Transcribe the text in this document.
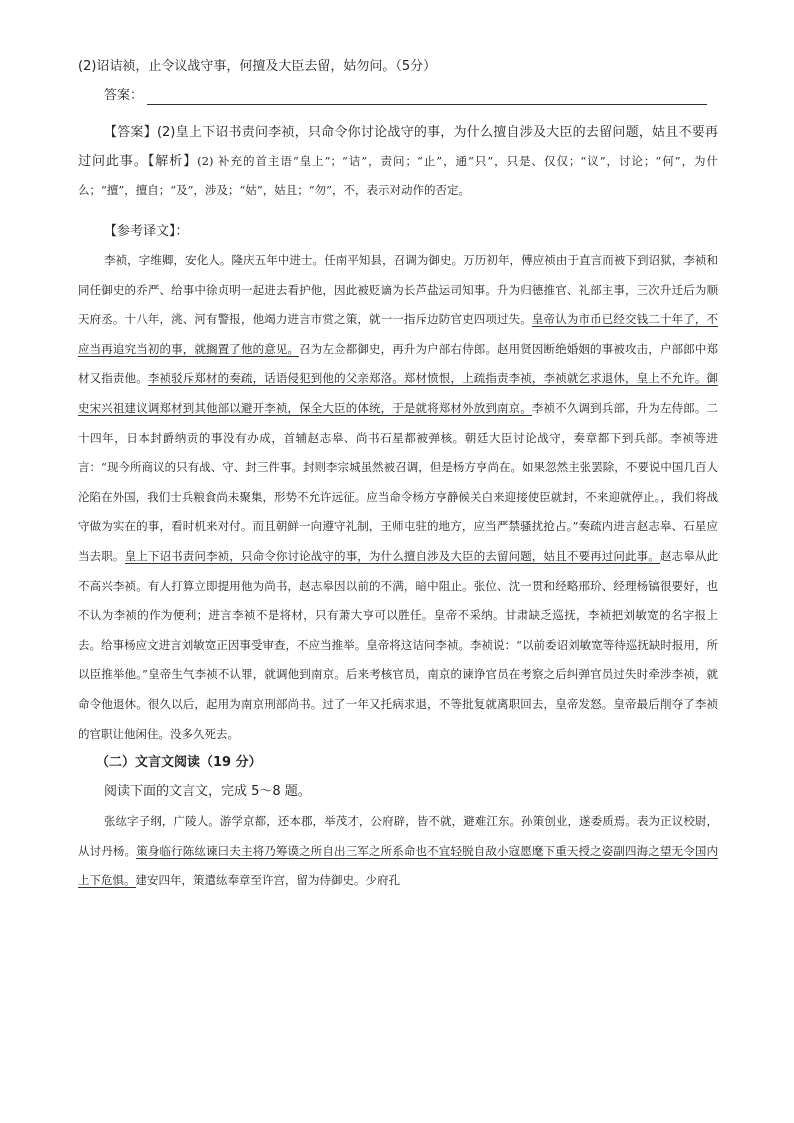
(2)诏诘祯，止令议战守事，何擅及大臣去留，姑勿问。（5分）

答案：

【答案】(2)皇上下诏书责问李祯，只命令你讨论战守的事，为什么擅自涉及大臣的去留问题，姑且不要再过问此事。【解析】(2) 补充的首主语“皇上”；“诘”，责问；“止”，通“只”，只是、仅仅；“议”，讨论；“何”，为什么；“擅”，擅自；“及”，涉及；“姑”，姑且；“勿”，不，表示对动作的否定。

【参考译文】：

李祯，字维卿，安化人。隆庆五年中进士。任南平知县，召调为御史。万历初年，傅应祯由于直言而被下到诏狱，李祯和同任御史的乔严、给事中徐贞明一起进去看护他，因此被贬谪为长芦盐运司知事。升为归德推官、礼部主事，三次升迁后为顺天府丞。十八年，洮、河有警报，他竭力进言市赏之策，就一一指斥边防官吏四项过失。皇帝认为市币已经交钱二十年了，不应当再追究当初的事，就搁置了他的意见。召为左佥都御史，再升为户部右侍郎。赵用贤因断绝婚姻的事被攻击，户部郎中郑材又指责他。李祯驳斥郑材的奏疏，话语侵犯到他的父亲郑洛。郑材愤恨，上疏指责李祯，李祯就乞求退休，皇上不允许。御史宋兴祖建议调郑材到其他部以避开李祯，保全大臣的体统，于是就将郑材外放到南京。李祯不久调到兵部，升为左侍郎。二十四年，日本封爵纳贡的事没有办成，首辅赵志皋、尚书石星都被弹核。朝廷大臣讨论战守，奏章都下到兵部。李祯等进言：“现今所商议的只有战、守、封三件事。封则李宗城虽然被召调，但是杨方亨尚在。如果忽然主张罢除，不要说中国几百人沦陷在外国，我们士兵粮食尚未聚集，形势不允许远征。应当命令杨方亨静候关白来迎接使臣就封，不来迎就停止。，我们将战守做为实在的事，看时机来对付。而且朝鲜一向遵守礼制，王师屯驻的地方，应当严禁骚扰抢占。”奏疏内进言赵志皋、石星应当去职。皇上下诏书责问李祯，只命令你讨论战守的事，为什么擅自涉及大臣的去留问题，姑且不要再过问此事。赵志皋从此不高兴李祯。有人打算立即提用他为尚书，赵志皋因以前的不满，暗中阻止。张位、沈一贯和经略邢玠、经理杨镐很要好，也不认为李祯的作为便利；进言李祯不是将材，只有萧大亨可以胜任。皇帝不采纳。甘肃缺乏巡抚，李祯把刘敏宽的名字报上去。给事杨应文进言刘敏宽正因事受审查，不应当推举。皇帝将这诘问李祯。李祯说：“以前委诏刘敏宽等待巡抚缺时报用，所以臣推举他。”皇帝生气李祯不认罪，就调他到南京。后来考核官员，南京的谏诤官员在考察之后纠弹官员过失时牵涉李祯，就命令他退休。很久以后，起用为南京刑部尚书。过了一年又托病求退，不等批复就离职回去，皇帝发怒。皇帝最后削夺了李祯的官职让他闲住。没多久死去。

（二）文言文阅读（19 分）

阅读下面的文言文，完成 5～8 题。

张纮字子纲，广陵人。游学京都，还本郡，举茂才，公府辟，皆不就，避难江东。孙策创业，遂委质焉。表为正议校尉，从讨丹杨。策身临行陈纮谏曰夫主将乃筹谟之所自出三军之所系命也不宜轻脱自敌小寇愿麾下重天授之姿副四海之望无令国内上下危惧。建安四年，策遣纮奉章至许宫，留为侍御史。少府孔
